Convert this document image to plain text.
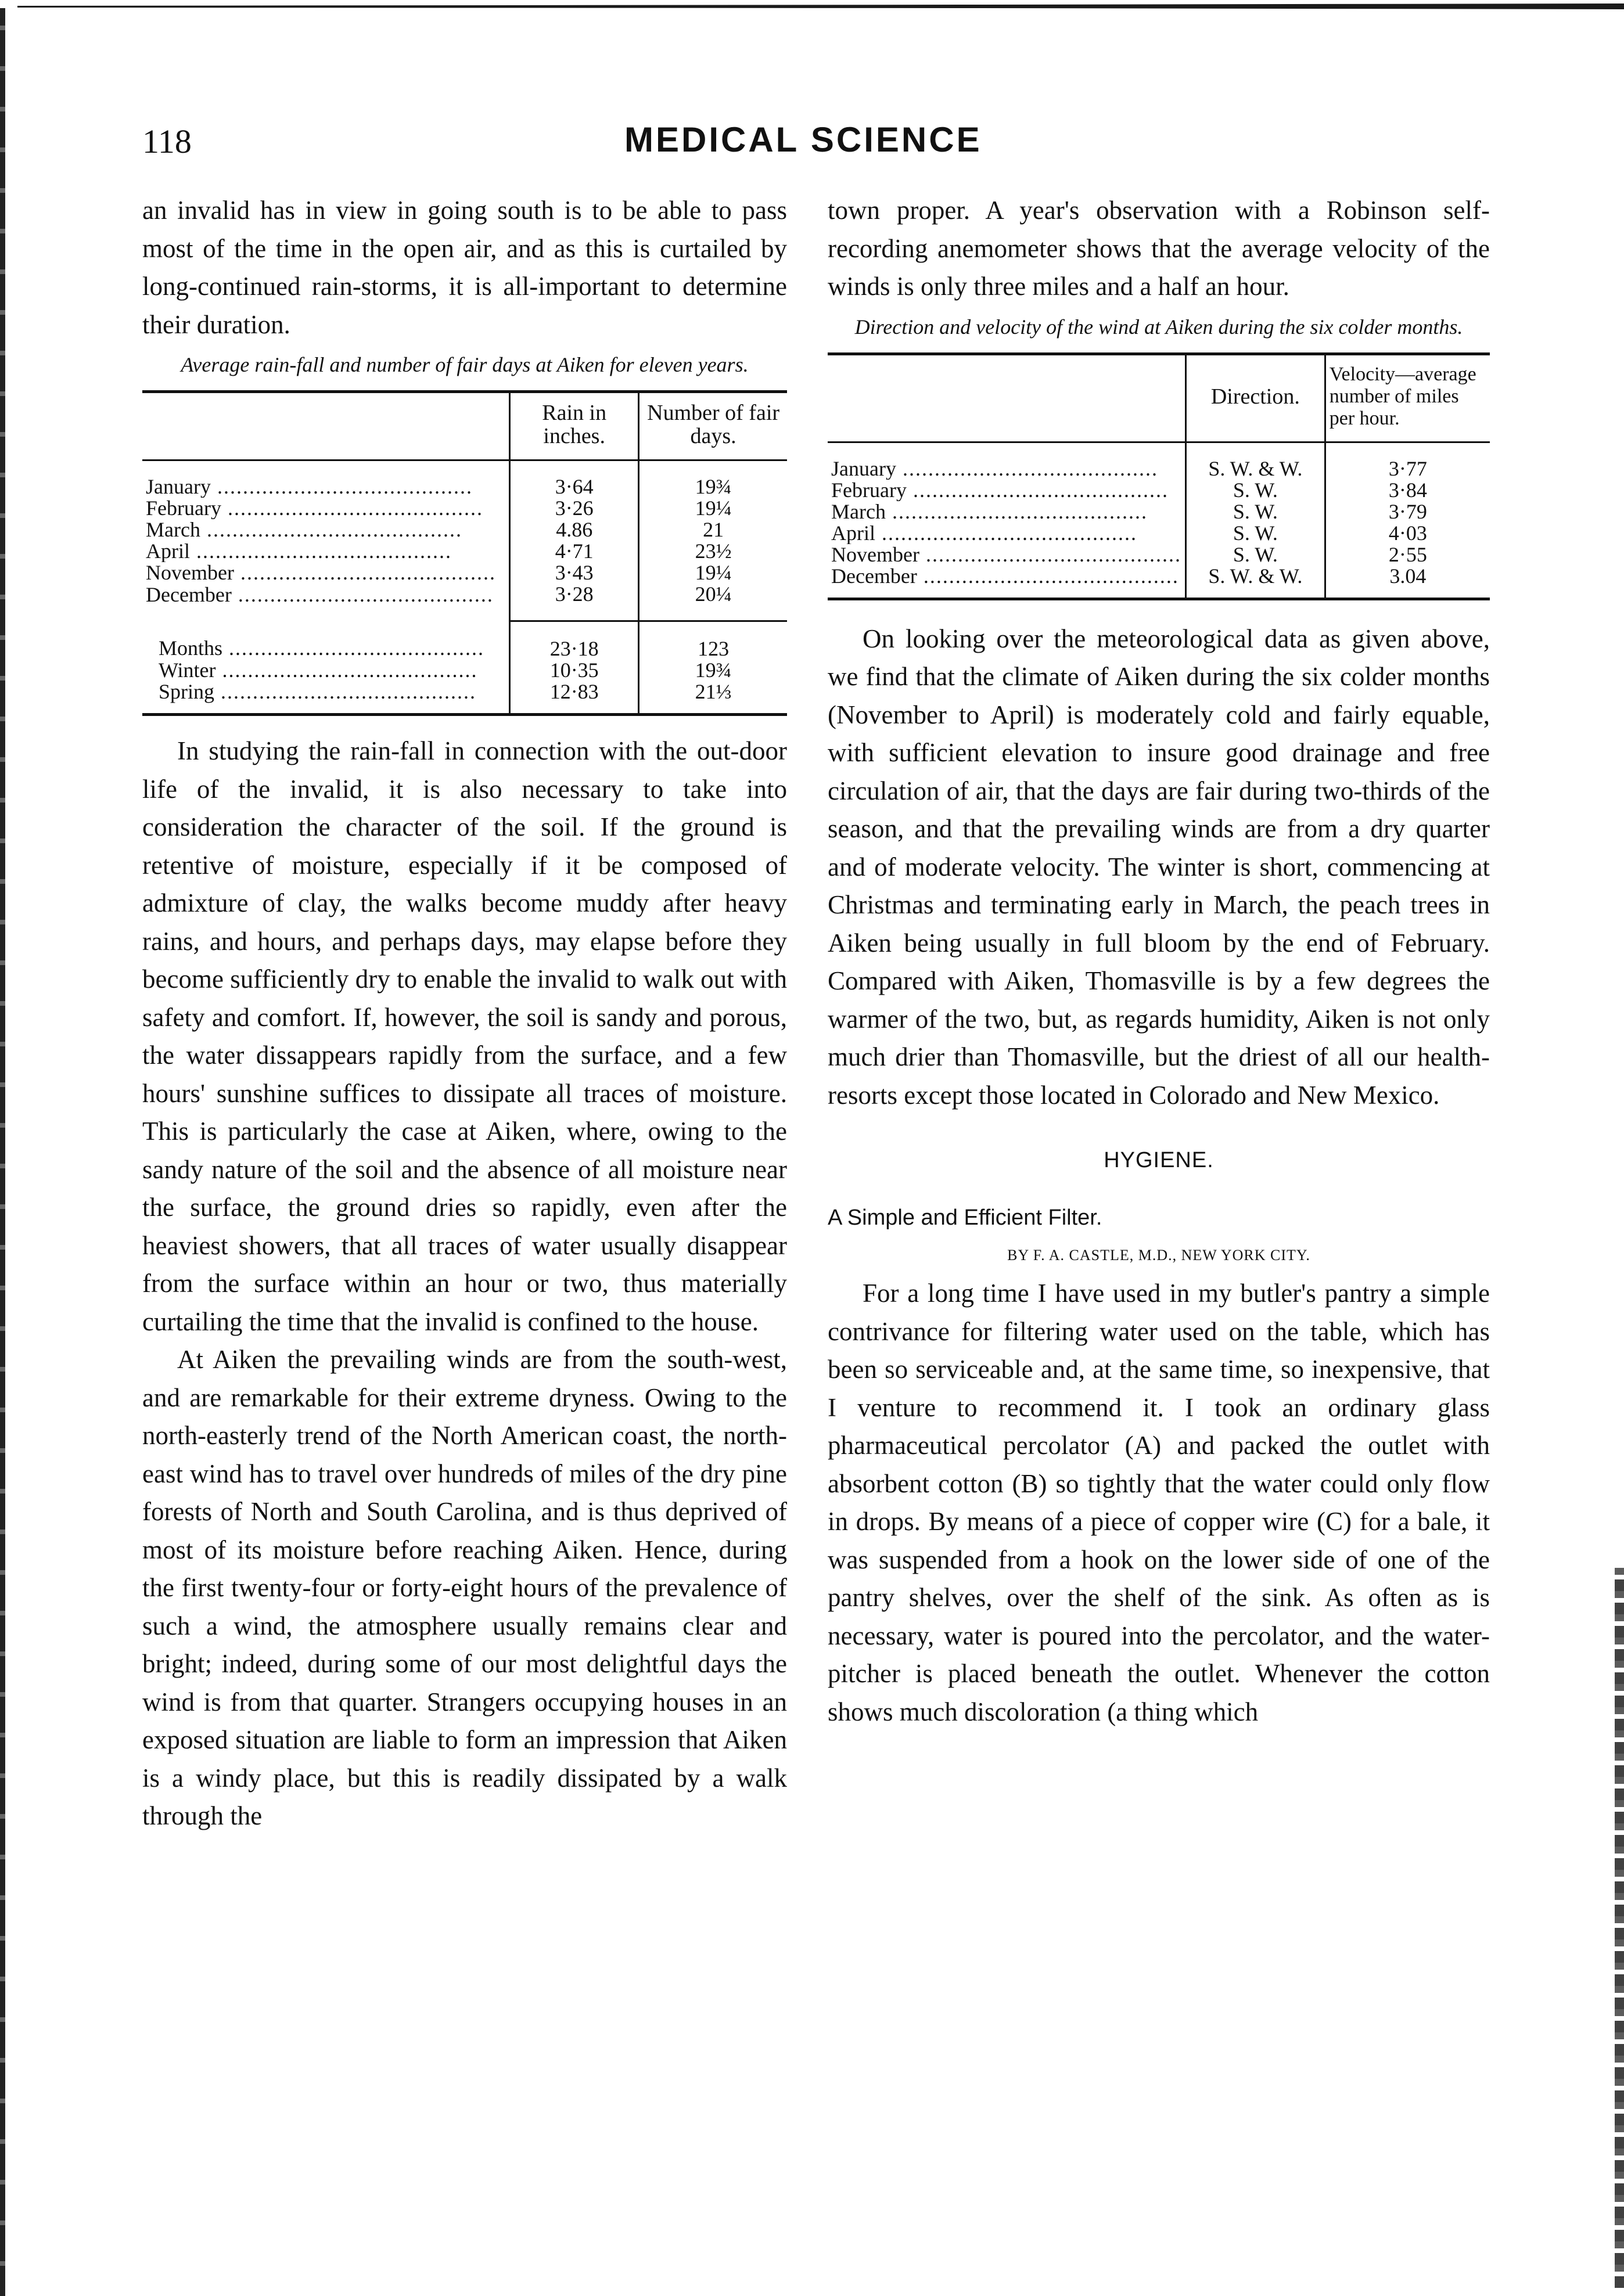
118	MEDICAL SCIENCE

an invalid has in view in going south is to be able to pass most of the time in the open air, and as this is curtailed by long-continued rain-storms, it is all-important to determine their duration.

Average rain-fall and number of fair days at Aiken for eleven years.
	Rain in inches.	Number of fair days.
January .....	3·64	19¾
February .....	3·26	19¼
March .....	4.86	21
April .....	4·71	23½
November .....	3·43	19¼
December .....	3·28	20¼
Months .....	23·18	123
Winter .....	10·35	19¾
Spring .....	12·83	21⅓

In studying the rain-fall in connection with the out-door life of the invalid, it is also necessary to take into consideration the character of the soil. If the ground is retentive of moisture, especially if it be composed of admixture of clay, the walks become muddy after heavy rains, and hours, and perhaps days, may elapse before they become sufficiently dry to enable the invalid to walk out with safety and comfort. If, however, the soil is sandy and porous, the water dissappears rapidly from the surface, and a few hours' sunshine suffices to dissipate all traces of moisture. This is particularly the case at Aiken, where, owing to the sandy nature of the soil and the absence of all moisture near the surface, the ground dries so rapidly, even after the heaviest showers, that all traces of water usually disappear from the surface within an hour or two, thus materially curtailing the time that the invalid is confined to the house.

At Aiken the prevailing winds are from the south-west, and are remarkable for their extreme dryness. Owing to the north-easterly trend of the North American coast, the north-east wind has to travel over hundreds of miles of the dry pine forests of North and South Carolina, and is thus deprived of most of its moisture before reaching Aiken. Hence, during the first twenty-four or forty-eight hours of the prevalence of such a wind, the atmosphere usually remains clear and bright; indeed, during some of our most delightful days the wind is from that quarter. Strangers occupying houses in an exposed situation are liable to form an impression that Aiken is a windy place, but this is readily dissipated by a walk through the

town proper. A year's observation with a Robinson self-recording anemometer shows that the average velocity of the winds is only three miles and a half an hour.

Direction and velocity of the wind at Aiken during the six colder months.
	Direction.	Velocity—average number of miles per hour.
January .....	S. W. & W.	3·77
February .....	S. W.	3·84
March .....	S. W.	3·79
April .....	S. W.	4·03
November .....	S. W.	2·55
December .....	S. W. & W.	3.04

On looking over the meteorological data as given above, we find that the climate of Aiken during the six colder months (November to April) is moderately cold and fairly equable, with sufficient elevation to insure good drainage and free circulation of air, that the days are fair during two-thirds of the season, and that the prevailing winds are from a dry quarter and of moderate velocity. The winter is short, commencing at Christmas and terminating early in March, the peach trees in Aiken being usually in full bloom by the end of February. Compared with Aiken, Thomasville is by a few degrees the warmer of the two, but, as regards humidity, Aiken is not only much drier than Thomasville, but the driest of all our health-resorts except those located in Colorado and New Mexico.

HYGIENE.
A Simple and Efficient Filter.
BY F. A. CASTLE, M.D., NEW YORK CITY.

For a long time I have used in my butler's pantry a simple contrivance for filtering water used on the table, which has been so serviceable and, at the same time, so inexpensive, that I venture to recommend it. I took an ordinary glass pharmaceutical percolator (A) and packed the outlet with absorbent cotton (B) so tightly that the water could only flow in drops. By means of a piece of copper wire (C) for a bale, it was suspended from a hook on the lower side of one of the pantry shelves, over the shelf of the sink. As often as is necessary, water is poured into the percolator, and the water-pitcher is placed beneath the outlet. Whenever the cotton shows much discoloration (a thing which
